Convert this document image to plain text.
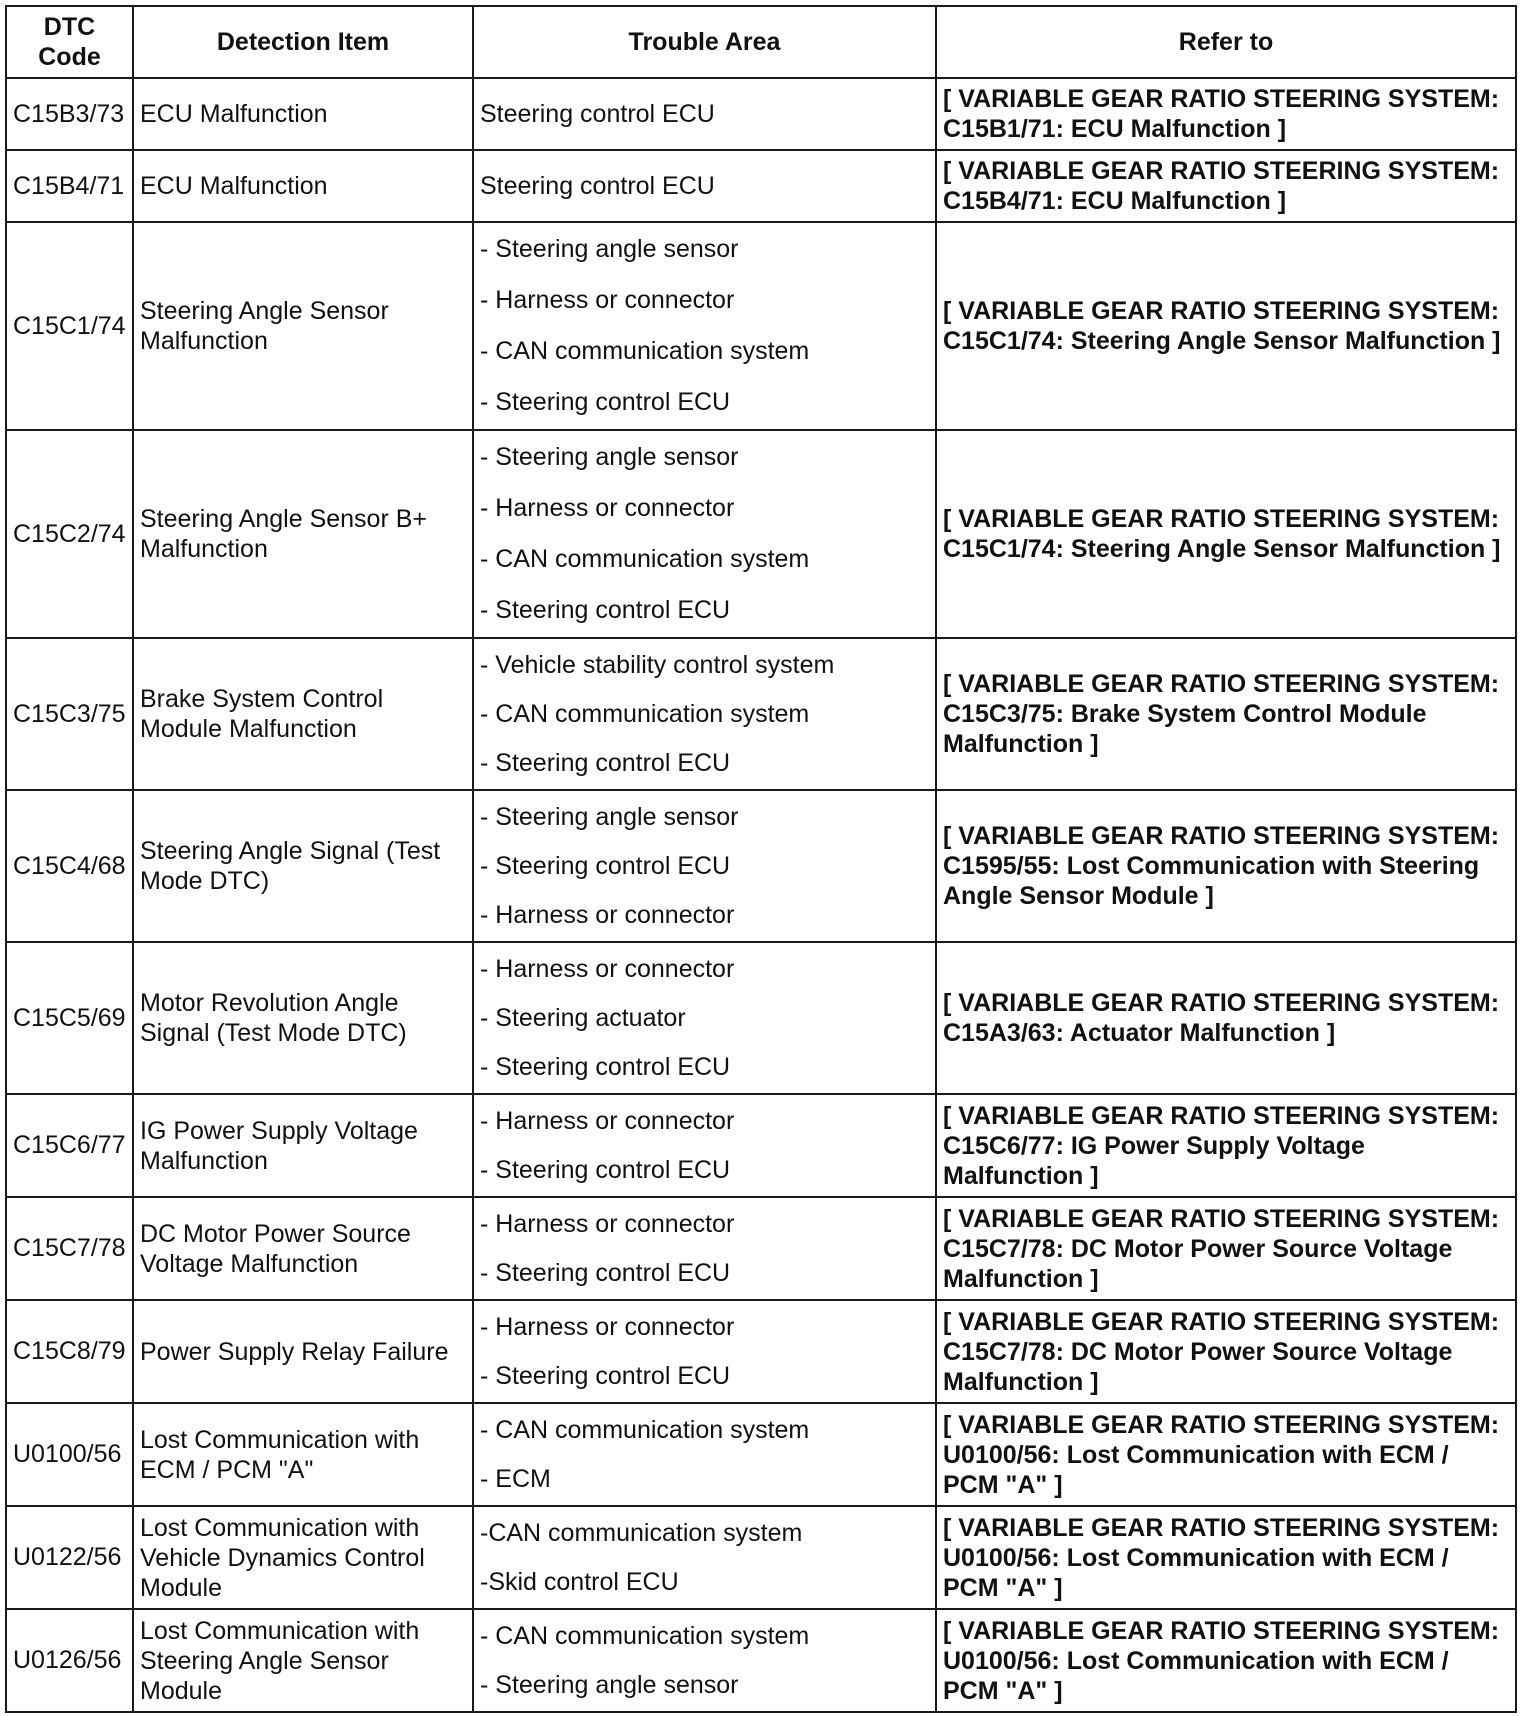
DTC
Code	Detection Item	Trouble Area	Refer to
C15B3/73	ECU Malfunction	Steering control ECU	[ VARIABLE GEAR RATIO STEERING SYSTEM: C15B1/71: ECU Malfunction ]
C15B4/71	ECU Malfunction	Steering control ECU	[ VARIABLE GEAR RATIO STEERING SYSTEM: C15B4/71: ECU Malfunction ]
C15C1/74	Steering Angle Sensor Malfunction	- Steering angle sensor
- Harness or connector
- CAN communication system
- Steering control ECU	[ VARIABLE GEAR RATIO STEERING SYSTEM: C15C1/74: Steering Angle Sensor Malfunction ]
C15C2/74	Steering Angle Sensor B+ Malfunction	- Steering angle sensor
- Harness or connector
- CAN communication system
- Steering control ECU	[ VARIABLE GEAR RATIO STEERING SYSTEM: C15C1/74: Steering Angle Sensor Malfunction ]
C15C3/75	Brake System Control Module Malfunction	- Vehicle stability control system
- CAN communication system
- Steering control ECU	[ VARIABLE GEAR RATIO STEERING SYSTEM: C15C3/75: Brake System Control Module Malfunction ]
C15C4/68	Steering Angle Signal (Test Mode DTC)	- Steering angle sensor
- Steering control ECU
- Harness or connector	[ VARIABLE GEAR RATIO STEERING SYSTEM: C1595/55: Lost Communication with Steering Angle Sensor Module ]
C15C5/69	Motor Revolution Angle Signal (Test Mode DTC)	- Harness or connector
- Steering actuator
- Steering control ECU	[ VARIABLE GEAR RATIO STEERING SYSTEM: C15A3/63: Actuator Malfunction ]
C15C6/77	IG Power Supply Voltage Malfunction	- Harness or connector
- Steering control ECU	[ VARIABLE GEAR RATIO STEERING SYSTEM: C15C6/77: IG Power Supply Voltage Malfunction ]
C15C7/78	DC Motor Power Source Voltage Malfunction	- Harness or connector
- Steering control ECU	[ VARIABLE GEAR RATIO STEERING SYSTEM: C15C7/78: DC Motor Power Source Voltage Malfunction ]
C15C8/79	Power Supply Relay Failure	- Harness or connector
- Steering control ECU	[ VARIABLE GEAR RATIO STEERING SYSTEM: C15C7/78: DC Motor Power Source Voltage Malfunction ]
U0100/56	Lost Communication with ECM / PCM "A"	- CAN communication system
- ECM	[ VARIABLE GEAR RATIO STEERING SYSTEM: U0100/56: Lost Communication with ECM / PCM "A" ]
U0122/56	Lost Communication with Vehicle Dynamics Control Module	-CAN communication system
-Skid control ECU	[ VARIABLE GEAR RATIO STEERING SYSTEM: U0100/56: Lost Communication with ECM / PCM "A" ]
U0126/56	Lost Communication with Steering Angle Sensor Module	- CAN communication system
- Steering angle sensor	[ VARIABLE GEAR RATIO STEERING SYSTEM: U0100/56: Lost Communication with ECM / PCM "A" ]
